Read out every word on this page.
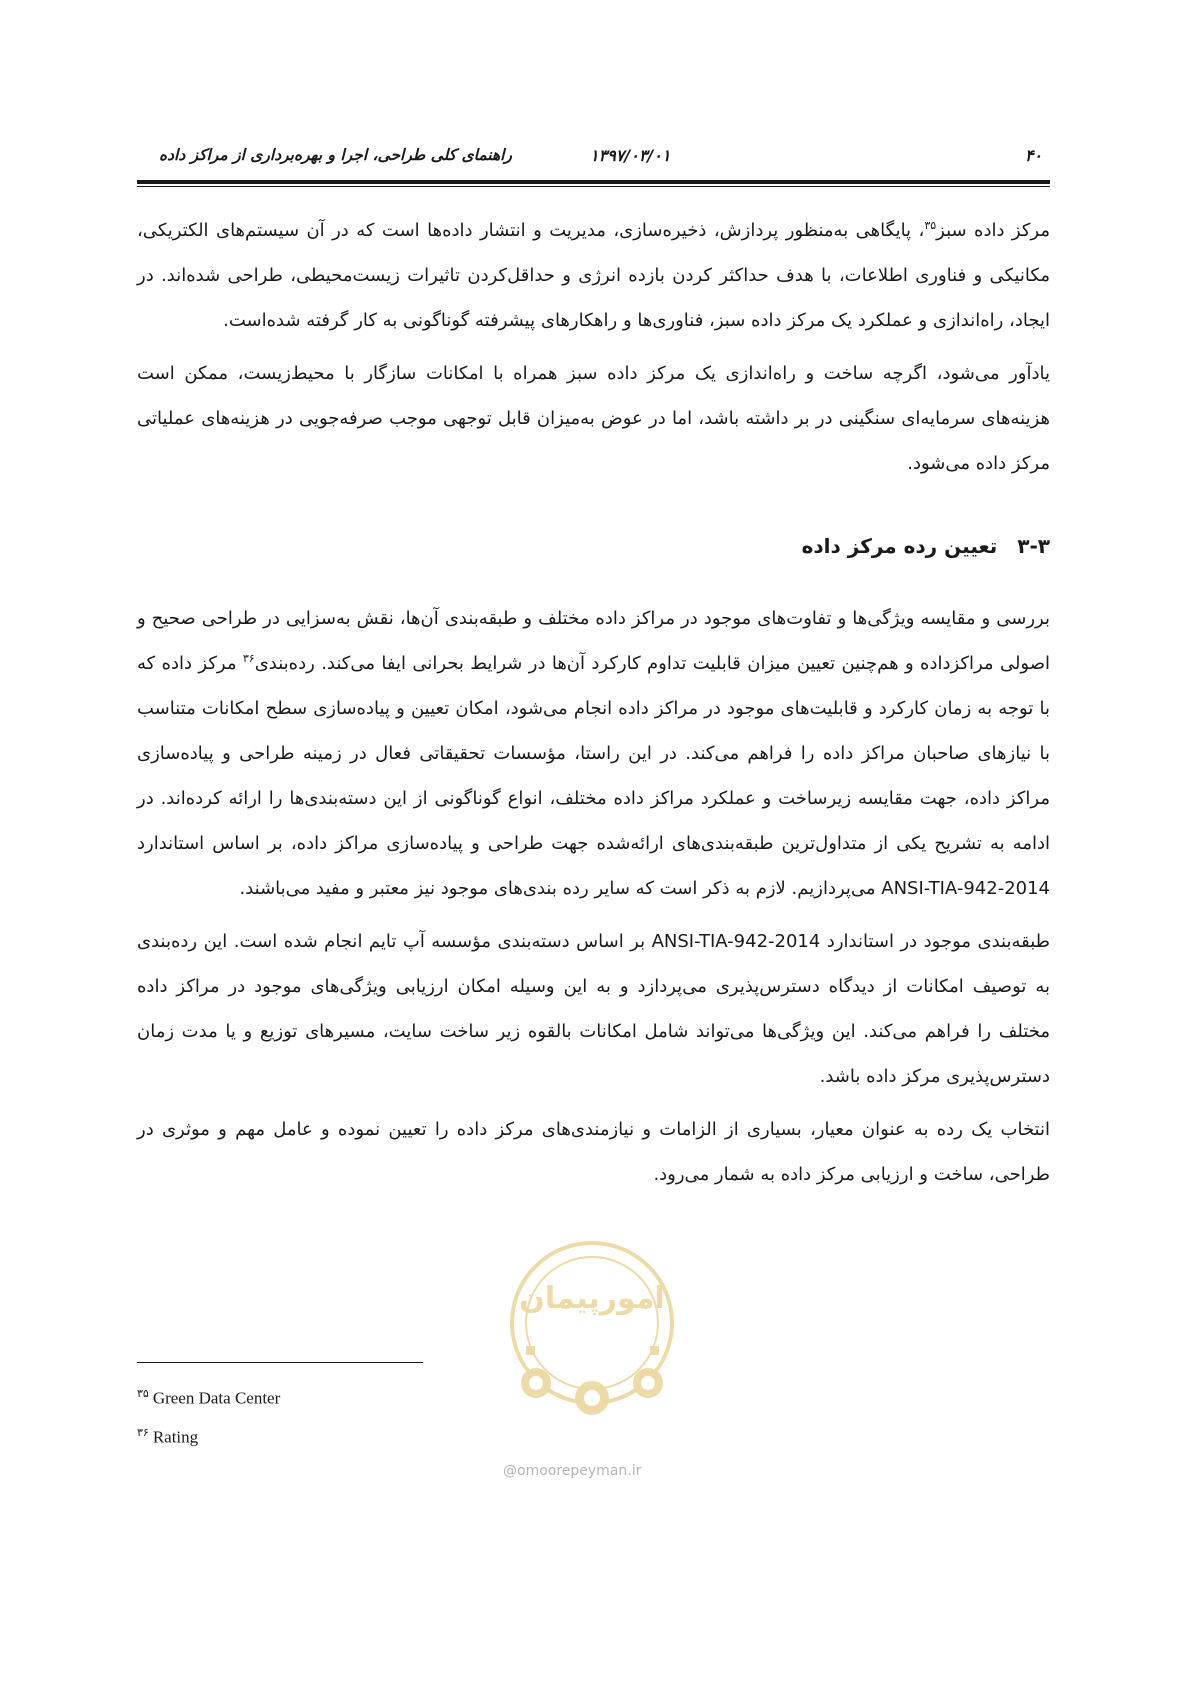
راهنمای کلی طراحی، اجرا و بهره‌برداری از مراکز داده	۱۳۹۷/۰۳/۰۱	۴۰

مرکز داده سبز$^{۳۵}$، پایگاهی به‌منظور پردازش، ذخیره‌سازی، مدیریت و انتشار داده‌ها است که در آن سیستم‌های الکتریکی، مکانیکی و فناوری اطلاعات، با هدف حداکثر کردن بازده انرژی و حداقل‌کردن تاثیرات زیست‌محیطی، طراحی شده‌اند. در ایجاد، راه‌اندازی و عملکرد یک مرکز داده سبز، فناوری‌ها و راهکارهای پیشرفته گوناگونی به کار گرفته شده‌است.

یادآور می‌شود، اگرچه ساخت و راه‌اندازی یک مرکز داده سبز همراه با امکانات سازگار با محیط‌زیست، ممکن است هزینه‌های سرمایه‌ای سنگینی در بر داشته باشد، اما در عوض به‌میزان قابل توجهی موجب صرفه‌جویی در هزینه‌های عملیاتی مرکز داده می‌شود.

۳-۳
تعیین رده مرکز داده

بررسی و مقایسه ویژگی‌ها و تفاوت‌های موجود در مراکز داده مختلف و طبقه‌بندی آن‌ها، نقش به‌سزایی در طراحی صحیح و اصولی مراکزداده و هم‌چنین تعیین میزان قابلیت تداوم کارکرد آن‌ها در شرایط بحرانی ایفا می‌کند. رده‌بندی$^{۳۶}$ مرکز داده که با توجه به زمان کارکرد و قابلیت‌های موجود در مراکز داده انجام می‌شود، امکان تعیین و پیاده‌سازی سطح امکانات متناسب با نیازهای صاحبان مراکز داده را فراهم می‌کند. در این راستا، مؤسسات تحقیقاتی فعال در زمینه طراحی و پیاده‌سازی مراکز داده، جهت مقایسه زیرساخت و عملکرد مراکز داده مختلف، انواع گوناگونی از این دسته‌بندی‌ها را ارائه کرده‌اند. در ادامه به تشریح یکی از متداول‌ترین طبقه‌بندی‌های ارائه‌شده جهت طراحی و پیاده‌سازی مراکز داده، بر اساس استاندارد ANSI-TIA-942-2014 می‌پردازیم. لازم به ذکر است که سایر رده بندی‌های موجود نیز معتبر و مفید می‌باشند.

طبقه‌بندی موجود در استاندارد ANSI-TIA-942-2014 بر اساس دسته‌بندی مؤسسه آپ تایم انجام شده است. این رده‌بندی به توصیف امکانات از دیدگاه دسترس‌پذیری می‌پردازد و به این وسیله امکان ارزیابی ویژگی‌های موجود در مراکز داده مختلف را فراهم می‌کند. این ویژگی‌ها می‌تواند شامل امکانات بالقوه زیر ساخت سایت، مسیرهای توزیع و یا مدت زمان دسترس‌پذیری مرکز داده باشد.

انتخاب یک رده به عنوان معیار، بسیاری از الزامات و نیازمندی‌های مرکز داده را تعیین نموده و عامل مهم و موثری در طراحی، ساخت و ارزیابی مرکز داده به شمار می‌رود.

امورپیمان
@omoorepeyman.ir
$^{۳۵}$ Green Data Center
$^{۳۶}$ Rating
